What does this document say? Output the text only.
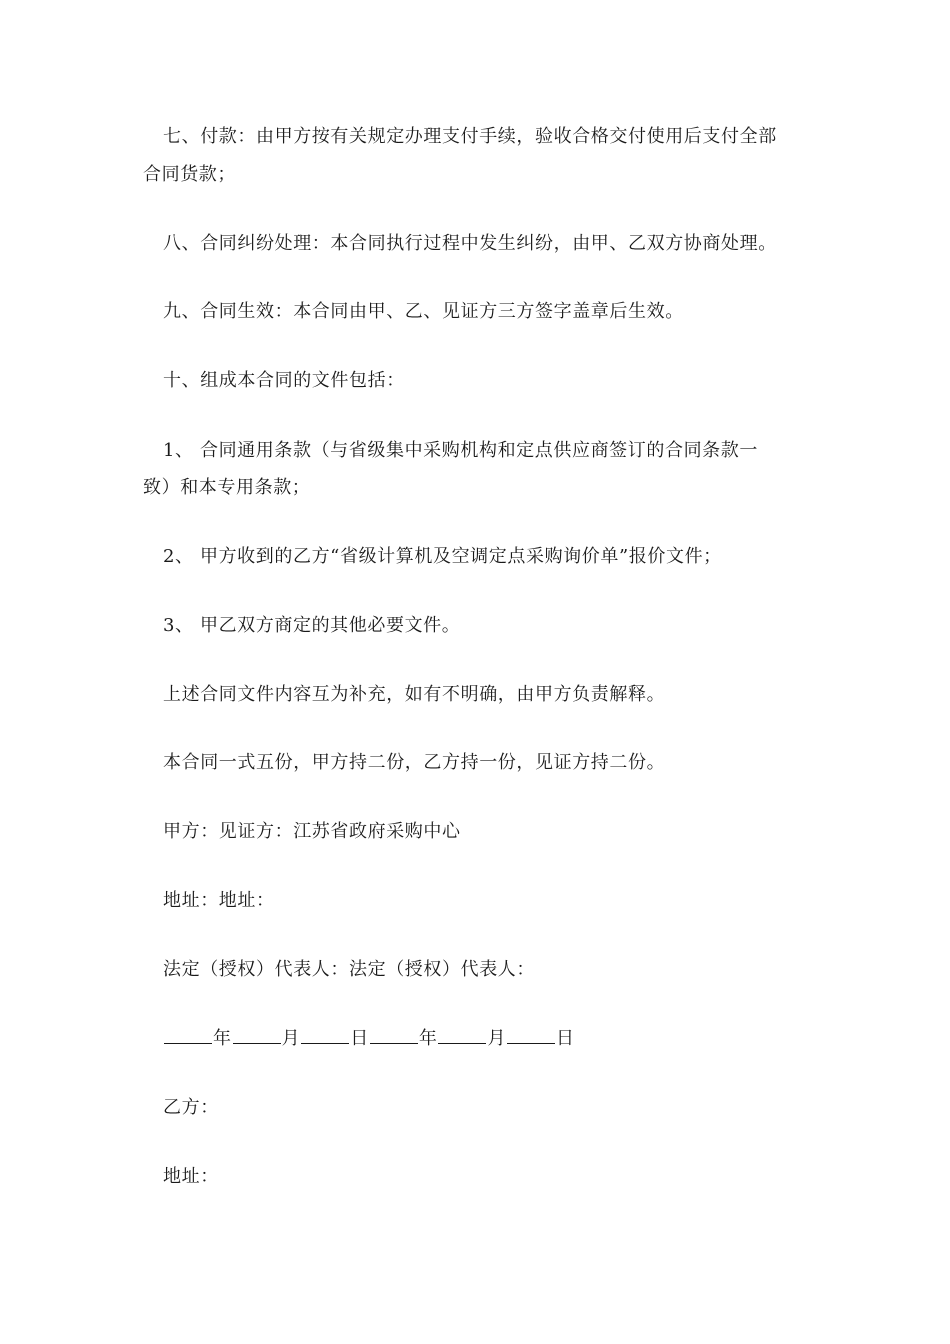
七、付款：由甲方按有关规定办理支付手续，验收合格交付使用后支付全部

合同货款；

八、合同纠纷处理：本合同执行过程中发生纠纷，由甲、乙双方协商处理。

九、合同生效：本合同由甲、乙、见证方三方签字盖章后生效。

十、组成本合同的文件包括：

1、 合同通用条款（与省级集中采购机构和定点供应商签订的合同条款一

致）和本专用条款；

2、 甲方收到的乙方“省级计算机及空调定点采购询价单”报价文件；

3、 甲乙双方商定的其他必要文件。

上述合同文件内容互为补充，如有不明确，由甲方负责解释。

本合同一式五份，甲方持二份，乙方持一份，见证方持二份。

甲方：见证方：江苏省政府采购中心

地址：地址：

法定（授权）代表人：法定（授权）代表人：

年	月	日	年	月	日

乙方：

地址：
